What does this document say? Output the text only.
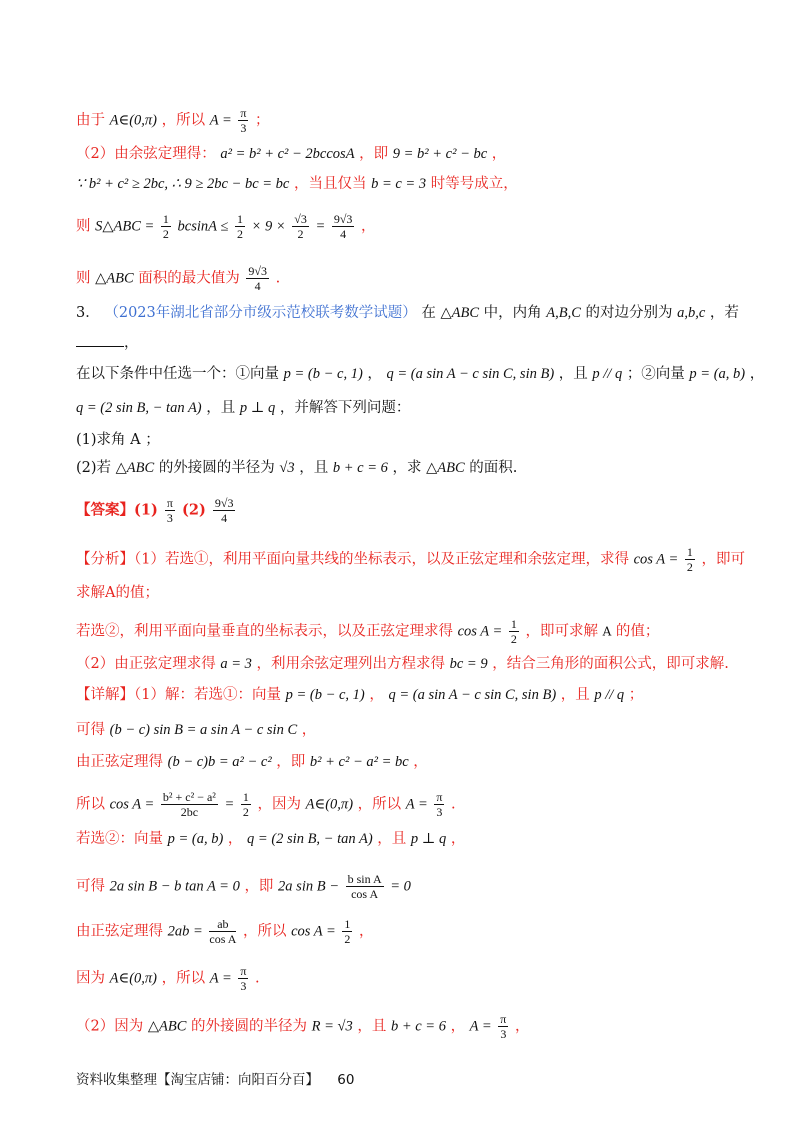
由于 A∈(0,π) ，所以 $A = \frac{\pi}{3}$ ；
（2）由余弦定理得： a² = b² + c² − 2bccosA ，即 9 = b² + c² − bc ，
∵ b² + c² ≥ 2bc, ∴ 9 ≥ 2bc − bc = bc ，当且仅当 b = c = 3 时等号成立，
则 S△ABC = $\frac{1}{2}$ $bcsinA \le \frac{1}{2} \times 9 \times \frac{√3}{2} = \frac{9√3}{4}$ ，
则 △ABC 面积的最大值为 $\frac{9√3}{4}$ .
3． （2023年湖北省部分市级示范校联考数学试题） 在 △ABC 中，内角 A,B,C 的对边分别为 a,b,c ，若
，
在以下条件中任选一个：①向量 p = (b − c, 1) ， q = (a sin A − c sin C, sin B) ，且 p // q ；②向量 p = (a, b) ，
q = (2 sin B, − tan A) ，且 p ⊥ q ，并解答下列问题：
(1)求角 A ；
(2)若 △ABC 的外接圆的半径为 √3 ，且 b + c = 6 ，求 △ABC 的面积.
【答案】$(1) \frac{\pi}{3} (2) \frac{9√3}{4}$
【分析】（1）若选①，利用平面向量共线的坐标表示，以及正弦定理和余弦定理，求得 $\cos A = \frac{1}{2}$ ，即可
求解A的值；
若选②，利用平面向量垂直的坐标表示，以及正弦定理求得 $\cos A = \frac{1}{2}$ ，即可求解 A 的值；
（2）由正弦定理求得 a = 3 ，利用余弦定理列出方程求得 bc = 9 ，结合三角形的面积公式，即可求解.
【详解】（1）解：若选①：向量 p = (b − c, 1) ， q = (a sin A − c sin C, sin B) ，且 p // q ；
可得 (b − c) sin B = a sin A − c sin C ，
由正弦定理得 (b − c)b = a² − c² ，即 b² + c² − a² = bc ，
所以 $\cos A = \frac{\text{b² + c² − a²}}{2bc} = \frac{1}{2}$ ，因为 A∈(0,π) ，所以 $A = \frac{\pi}{3}$ .
若选②：向量 p = (a, b) ， q = (2 sin B, − tan A) ，且 p ⊥ q ，
可得 2a sin B − b tan A = 0 ，即 2a $\sin B - \frac{\text{b sin A}}{\text{cos A}} = 0$
由正弦定理得 $2ab = \frac{ab}{\text{cos A}}$ ，所以 $\cos A = \frac{1}{2}$ ，
因为 A∈(0,π) ，所以 $A = \frac{\pi}{3}$ .
（2）因为 △ABC 的外接圆的半径为 R = √3 ，且 b + c = 6 ， $A = \frac{\pi}{3}$ ，
资料收集整理【淘宝店铺：向阳百分百】 60
